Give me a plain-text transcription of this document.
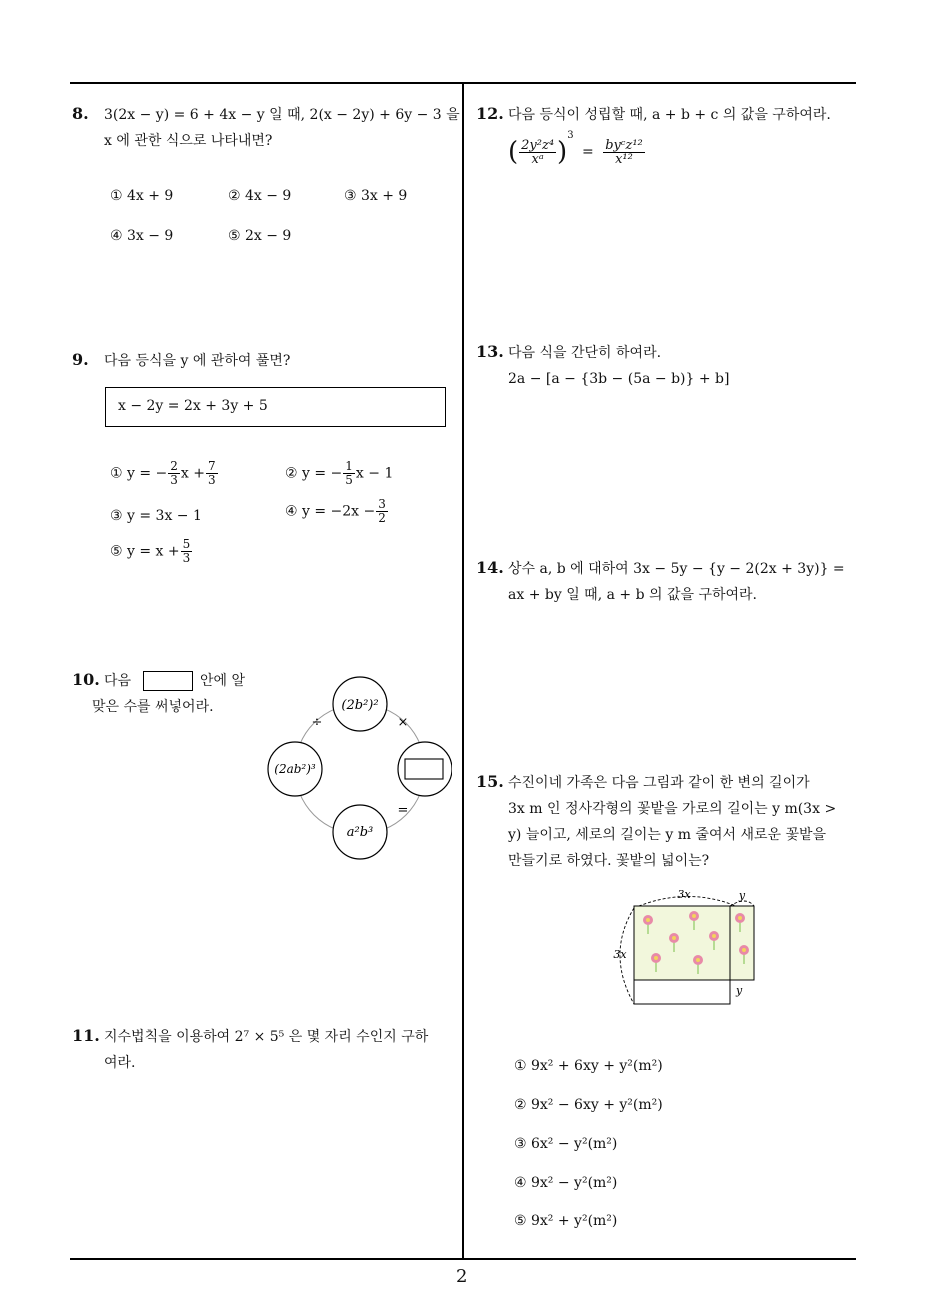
2
8. 3(2x − y) = 6 + 4x − y 일 때, 2(x − 2y) + 6y − 3 을
x 에 관한 식으로 나타내면?
① 4x + 9	② 4x − 9	③ 3x + 9
④ 3x − 9	⑤ 2x − 9
9. 다음 등식을 y 에 관하여 풀면?
x − 2y = 2x + 3y + 5
① y = − $\frac{2}{3}$ $x + \frac{7}{3}$	② y = − $\frac{1}{5}$ x − 1
③ y = 3x − 1	④ $y = -2x - \frac{3}{2}$
⑤ $y = x + \frac{5}{3}$
10. 다음	안에 알
맞은 수를 써넣어라.	(2b²)²
(2ab²)³
a²b³
÷	×
=
11. 지수법칙을 이용하여 2⁷ × 5⁵ 은 몇 자리 수인지 구하
여라.
12. 다음 등식이 성립할 때, a + b + c 의 값을 구하여라.
( $\frac{\text{2y²z⁴}}{\text{xᵃ}} )^3 = \frac{\text{byᶜz¹²}}{\text{x¹²}}$
13. 다음 식을 간단히 하여라.
2a − [a − {3b − (5a − b)} + b]
14. 상수 a, b 에 대하여 3x − 5y − {y − 2(2x + 3y)} =
ax + by 일 때, a + b 의 값을 구하여라.
15. 수진이네 가족은 다음 그림과 같이 한 변의 길이가
3x m 인 정사각형의 꽃밭을 가로의 길이는 y m(3x >
y) 늘이고, 세로의 길이는 y m 줄여서 새로운 꽃밭을
만들기로 하였다. 꽃밭의 넓이는?
3x	y
3x
y
① 9x² + 6xy + y²(m²)
② 9x² − 6xy + y²(m²)
③ 6x² − y²(m²)
④ 9x² − y²(m²)
⑤ 9x² + y²(m²)
